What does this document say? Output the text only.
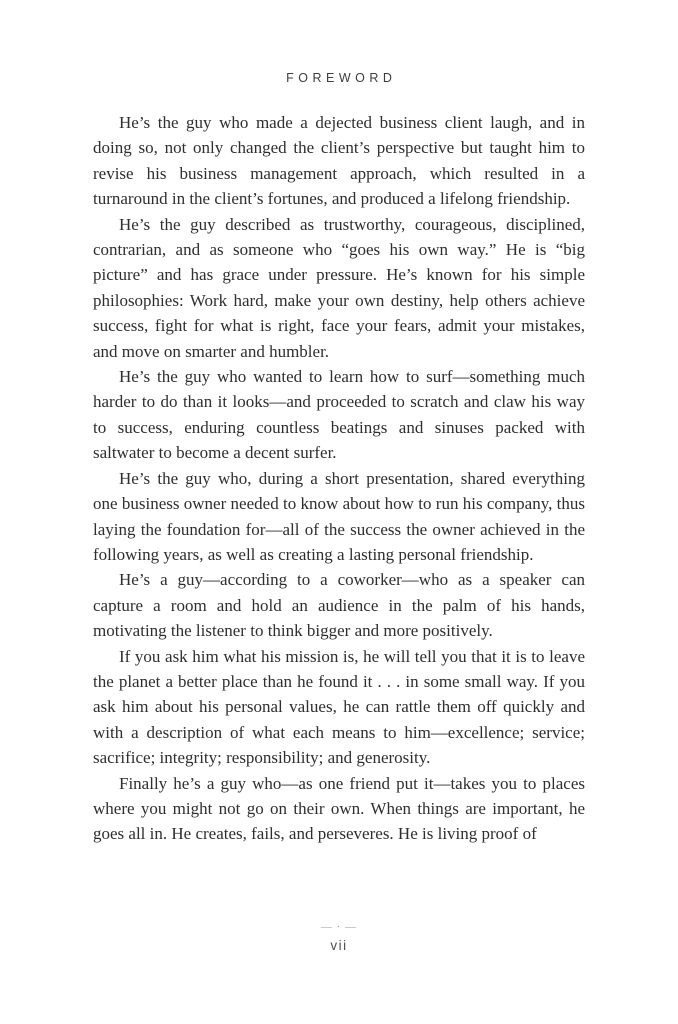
FOREWORD

He’s the guy who made a dejected business client laugh, and in doing so, not only changed the client’s perspective but taught him to revise his business management approach, which resulted in a turnaround in the client’s fortunes, and produced a lifelong friendship.

He’s the guy described as trustworthy, courageous, disciplined, contrarian, and as someone who “goes his own way.” He is “big picture” and has grace under pressure. He’s known for his simple philosophies: Work hard, make your own destiny, help others achieve success, fight for what is right, face your fears, admit your mistakes, and move on smarter and humbler.

He’s the guy who wanted to learn how to surf—something much harder to do than it looks—and proceeded to scratch and claw his way to success, enduring countless beatings and sinuses packed with saltwater to become a decent surfer.

He’s the guy who, during a short presentation, shared everything one business owner needed to know about how to run his company, thus laying the foundation for—all of the success the owner achieved in the following years, as well as creating a lasting personal friendship.

He’s a guy—according to a coworker—who as a speaker can capture a room and hold an audience in the palm of his hands, motivating the listener to think bigger and more positively.

If you ask him what his mission is, he will tell you that it is to leave the planet a better place than he found it . . . in some small way. If you ask him about his personal values, he can rattle them off quickly and with a description of what each means to him—excellence; service; sacrifice; integrity; responsibility; and generosity.

Finally he’s a guy who—as one friend put it—takes you to places where you might not go on their own. When things are important, he goes all in. He creates, fails, and perseveres. He is living proof of

— · —
vii
